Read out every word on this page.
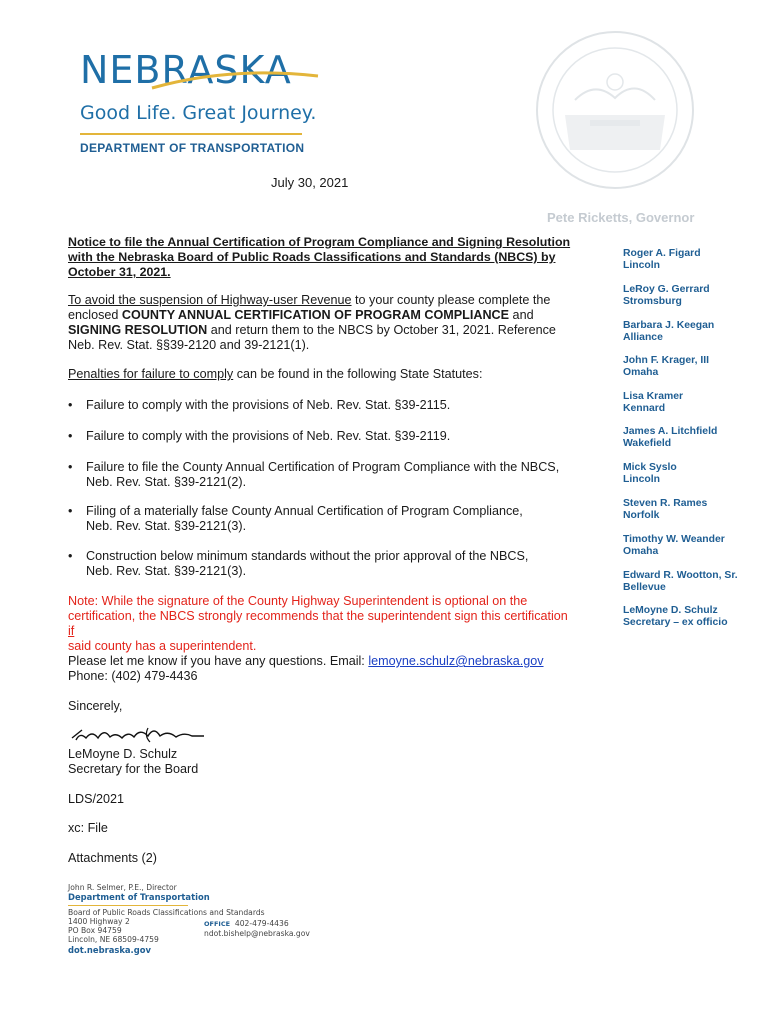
NEBRASKA
Good Life. Great Journey.
DEPARTMENT OF TRANSPORTATION
Pete Ricketts, Governor
July 30, 2021
Notice to file the Annual Certification of Program Compliance and Signing Resolution
with the Nebraska Board of Public Roads Classifications and Standards (NBCS) by
October 31, 2021.
To avoid the suspension of Highway-user Revenue to your county please complete the
enclosed COUNTY ANNUAL CERTIFICATION OF PROGRAM COMPLIANCE and
SIGNING RESOLUTION and return them to the NBCS by October 31, 2021. Reference
Neb. Rev. Stat. §§39-2120 and 39-2121(1).
Penalties for failure to comply can be found in the following State Statutes:
• Failure to comply with the provisions of Neb. Rev. Stat. §39-2115.
• Failure to comply with the provisions of Neb. Rev. Stat. §39-2119.
• Failure to file the County Annual Certification of Program Compliance with the NBCS,
Neb. Rev. Stat. §39-2121(2).
• Filing of a materially false County Annual Certification of Program Compliance,
Neb. Rev. Stat. §39-2121(3).
• Construction below minimum standards without the prior approval of the NBCS,
Neb. Rev. Stat. §39-2121(3).
Note: While the signature of the County Highway Superintendent is optional on the
certification, the NBCS strongly recommends that the superintendent sign this certification if
said county has a superintendent.
Please let me know if you have any questions. Email: lemoyne.schulz@nebraska.gov
Phone: (402) 479-4436
Sincerely,
LeMoyne D. Schulz
Secretary for the Board
LDS/2021
xc: File
Attachments (2)
Roger A. Figard
Lincoln
LeRoy G. Gerrard
Stromsburg
Barbara J. Keegan
Alliance
John F. Krager, III
Omaha
Lisa Kramer
Kennard
James A. Litchfield
Wakefield
Mick Syslo
Lincoln
Steven R. Rames
Norfolk
Timothy W. Weander
Omaha
Edward R. Wootton, Sr.
Bellevue
LeMoyne D. Schulz
Secretary – ex officio
John R. Selmer, P.E., Director
Department of Transportation
Board of Public Roads Classifications and Standards
1400 Highway 2
PO Box 94759
Lincoln, NE 68509-4759
OFFICE 402-479-4436
ndot.bishelp@nebraska.gov
dot.nebraska.gov
